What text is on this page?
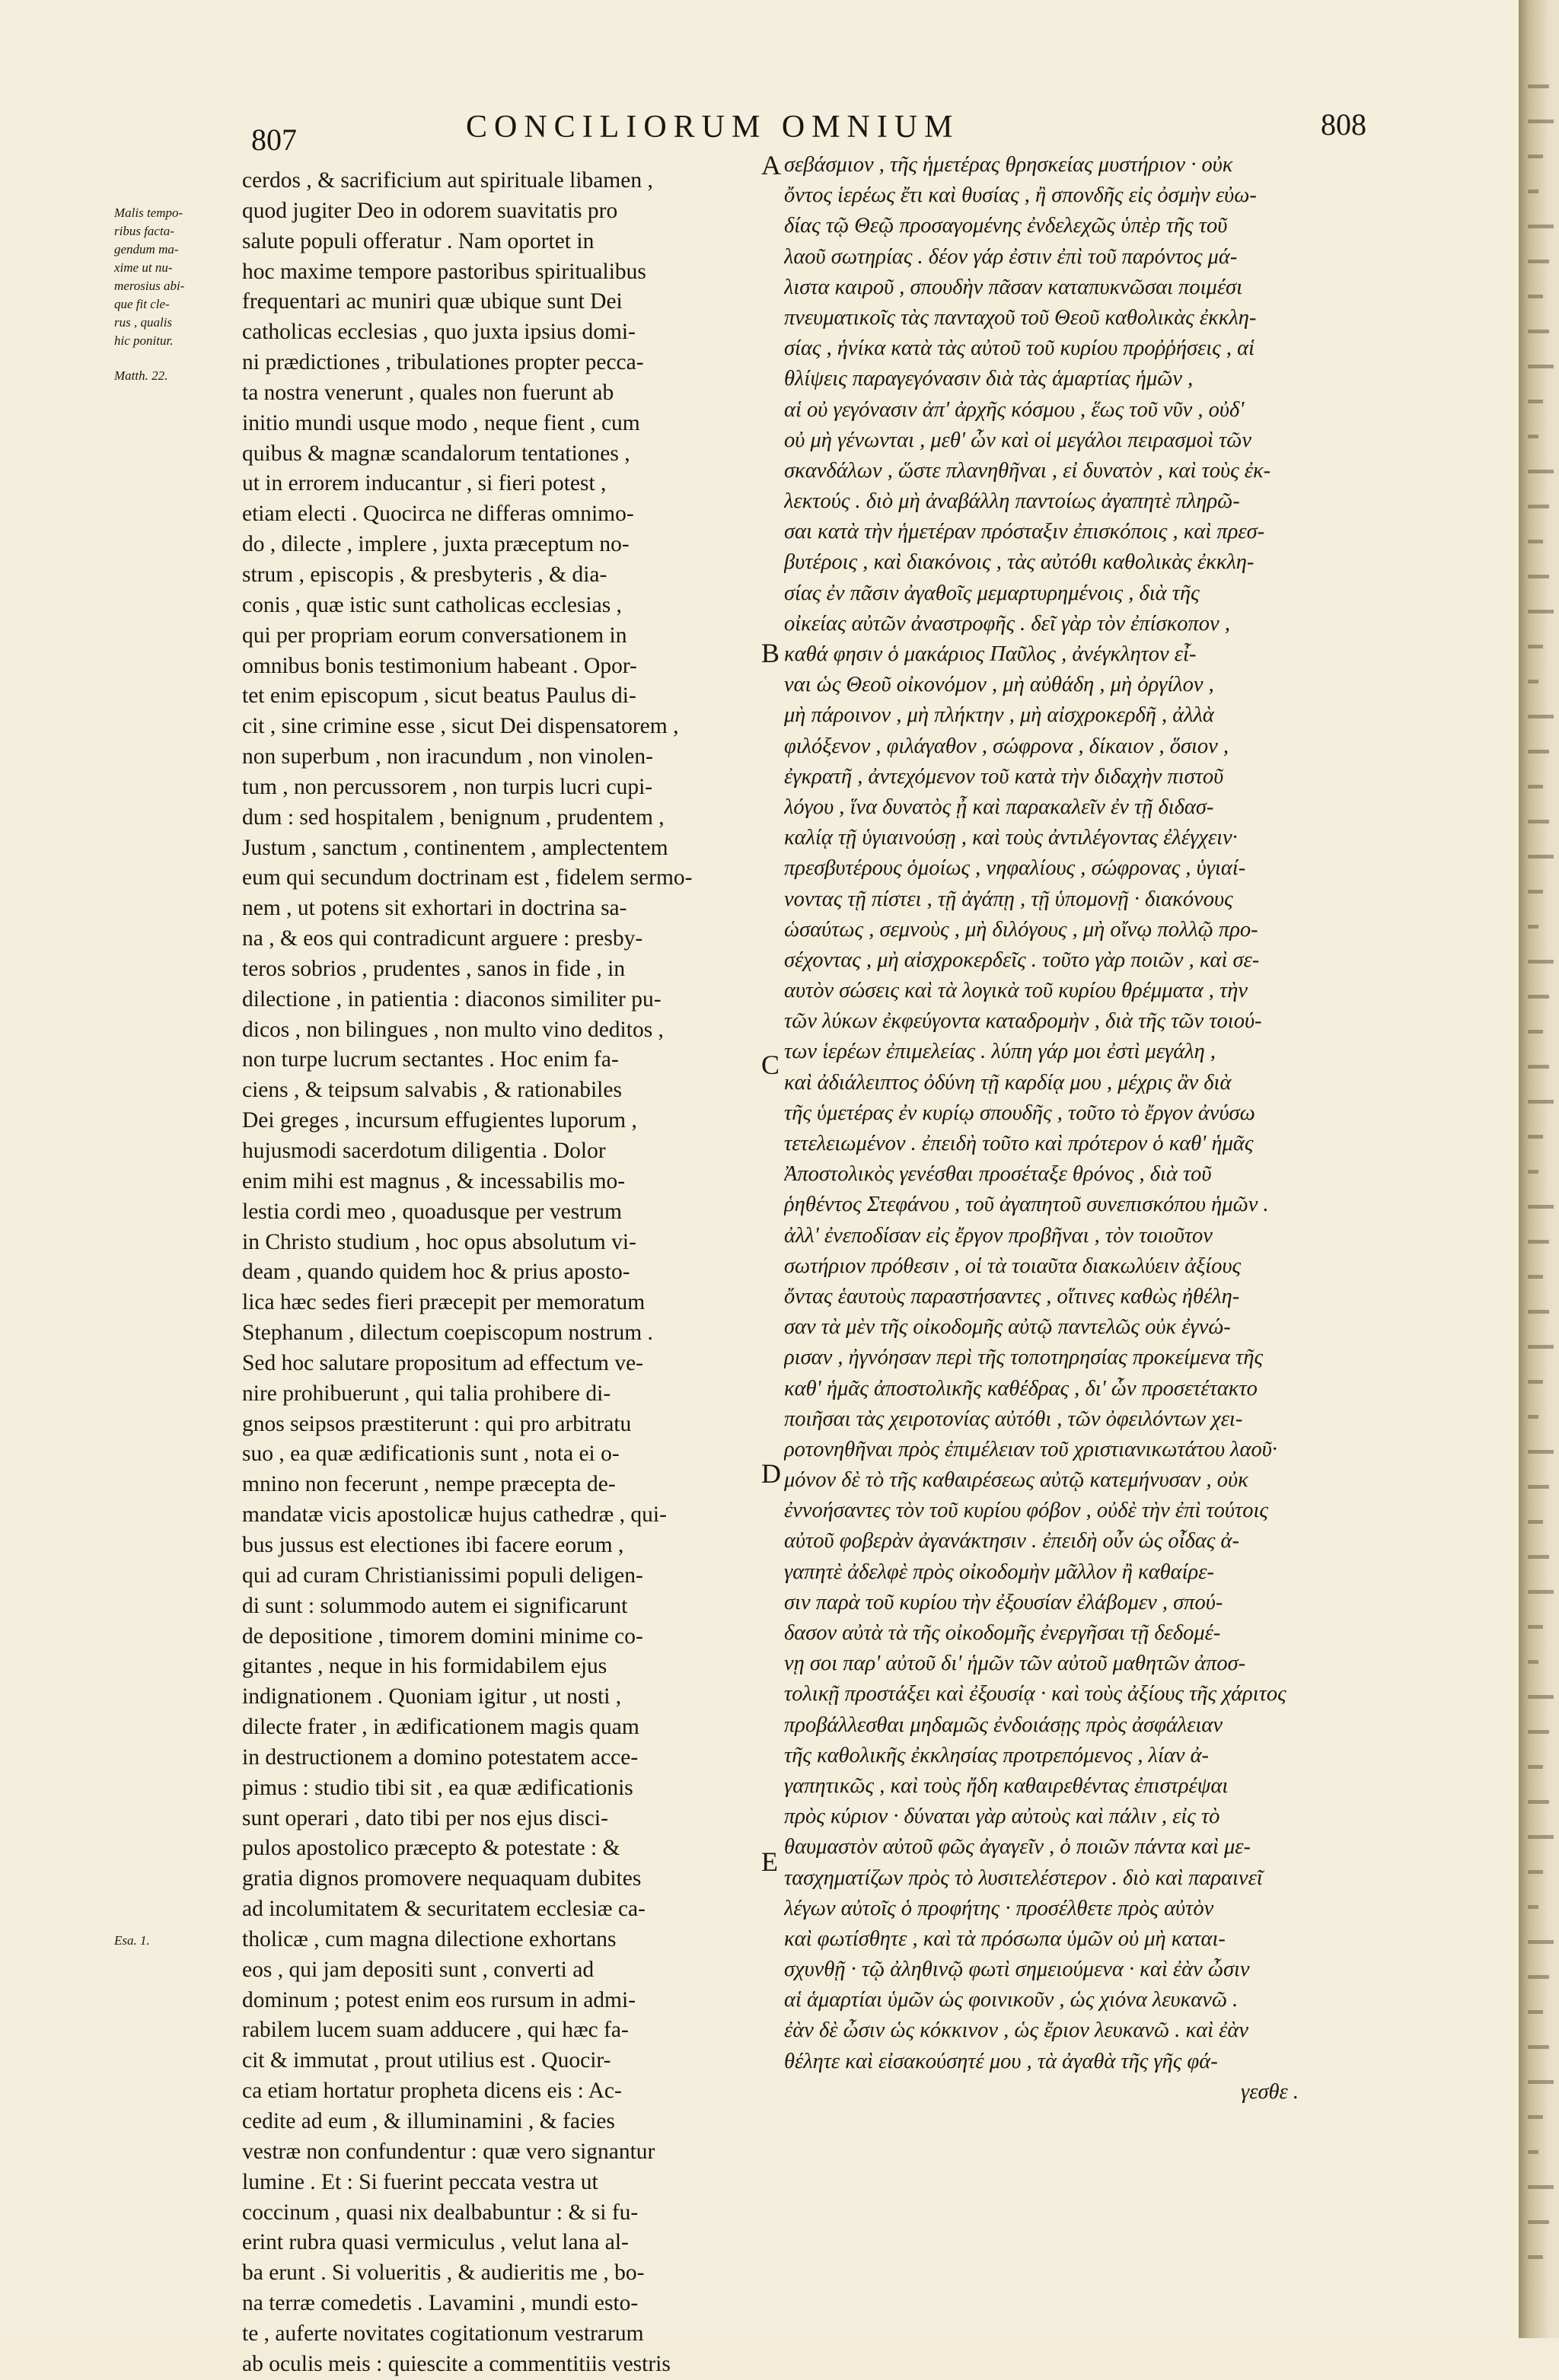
807	CONCILIORUM OMNIUM	808
Malis tempo-
ribus facta-
gendum ma-
xime ut nu-
merosius abi-
que fit cle-
rus , qualis
hic ponitur.
Matth. 22.
Esa. 1.
cerdos , & sacrificium aut spirituale libamen ,
quod jugiter Deo in odorem suavitatis pro
salute populi offeratur . Nam oportet in
hoc maxime tempore pastoribus spiritualibus
frequentari ac muniri quæ ubique sunt Dei
catholicas ecclesias , quo juxta ipsius domi-
ni prædictiones , tribulationes propter pecca-
ta nostra venerunt , quales non fuerunt ab
initio mundi usque modo , neque fient , cum
quibus & magnæ scandalorum tentationes ,
ut in errorem inducantur , si fieri potest ,
etiam electi . Quocirca ne differas omnimo-
do , dilecte , implere , juxta præceptum no-
strum , episcopis , & presbyteris , & dia-
conis , quæ istic sunt catholicas ecclesias ,
qui per propriam eorum conversationem in
omnibus bonis testimonium habeant . Opor-
tet enim episcopum , sicut beatus Paulus di-
cit , sine crimine esse , sicut Dei dispensatorem ,
non superbum , non iracundum , non vinolen-
tum , non percussorem , non turpis lucri cupi-
dum : sed hospitalem , benignum , prudentem ,
Justum , sanctum , continentem , amplectentem
eum qui secundum doctrinam est , fidelem sermo-
nem , ut potens sit exhortari in doctrina sa-
na , & eos qui contradicunt arguere : presby-
teros sobrios , prudentes , sanos in fide , in
dilectione , in patientia : diaconos similiter pu-
dicos , non bilingues , non multo vino deditos ,
non turpe lucrum sectantes . Hoc enim fa-
ciens , & teipsum salvabis , & rationabiles
Dei greges , incursum effugientes luporum ,
hujusmodi sacerdotum diligentia . Dolor
enim mihi est magnus , & incessabilis mo-
lestia cordi meo , quoadusque per vestrum
in Christo studium , hoc opus absolutum vi-
deam , quando quidem hoc & prius aposto-
lica hæc sedes fieri præcepit per memoratum
Stephanum , dilectum coepiscopum nostrum .
Sed hoc salutare propositum ad effectum ve-
nire prohibuerunt , qui talia prohibere di-
gnos seipsos præstiterunt : qui pro arbitratu
suo , ea quæ ædificationis sunt , nota ei o-
mnino non fecerunt , nempe præcepta de-
mandatæ vicis apostolicæ hujus cathedræ , qui-
bus jussus est electiones ibi facere eorum ,
qui ad curam Christianissimi populi deligen-
di sunt : solummodo autem ei significarunt
de depositione , timorem domini minime co-
gitantes , neque in his formidabilem ejus
indignationem . Quoniam igitur , ut nosti ,
dilecte frater , in ædificationem magis quam
in destructionem a domino potestatem acce-
pimus : studio tibi sit , ea quæ ædificationis
sunt operari , dato tibi per nos ejus disci-
pulos apostolico præcepto & potestate : &
gratia dignos promovere nequaquam dubites
ad incolumitatem & securitatem ecclesiæ ca-
tholicæ , cum magna dilectione exhortans
eos , qui jam depositi sunt , converti ad
dominum ; potest enim eos rursum in admi-
rabilem lucem suam adducere , qui hæc fa-
cit & immutat , prout utilius est . Quocir-
ca etiam hortatur propheta dicens eis : Ac-
cedite ad eum , & illuminamini , & facies
vestræ non confundentur : quæ vero signantur
lumine . Et : Si fuerint peccata vestra ut
coccinum , quasi nix dealbabuntur : & si fu-
erint rubra quasi vermiculus , velut lana al-
ba erunt . Si volueritis , & audieritis me , bo-
na terræ comedetis . Lavamini , mundi esto-
te , auferte novitates cogitationum vestrarum
ab oculis meis : quiescite a commentitiis vestris
A
B
C
D
E
σεβάσμιον , τῆς ἡμετέρας θρησκείας μυστήριον · οὐκ
ὄντος ἱερέως ἔτι καὶ θυσίας , ἢ σπονδῆς εἰς ὀσμὴν εὐω-
δίας τῷ Θεῷ προσαγομένης ἐνδελεχῶς ὑπὲρ τῆς τοῦ
λαοῦ σωτηρίας . δέον γάρ ἐστιν ἐπὶ τοῦ παρόντος μά-
λιστα καιροῦ , σπουδὴν πᾶσαν καταπυκνῶσαι ποιμέσι
πνευματικοῖς τὰς πανταχοῦ τοῦ Θεοῦ καθολικὰς ἐκκλη-
σίας , ἡνίκα κατὰ τὰς αὐτοῦ τοῦ κυρίου προῤῥήσεις , αἱ
θλίψεις παραγεγόνασιν διὰ τὰς ἁμαρτίας ἡμῶν ,
αἱ οὐ γεγόνασιν ἀπ' ἀρχῆς κόσμου , ἕως τοῦ νῦν , οὐδ'
οὐ μὴ γένωνται , μεθ' ὧν καὶ οἱ μεγάλοι πειρασμοὶ τῶν
σκανδάλων , ὥστε πλανηθῆναι , εἰ δυνατὸν , καὶ τοὺς ἐκ-
λεκτούς . διὸ μὴ ἀναβάλλη παντοίως ἀγαπητὲ πληρῶ-
σαι κατὰ τὴν ἡμετέραν πρόσταξιν ἐπισκόποις , καὶ πρεσ-
βυτέροις , καὶ διακόνοις , τὰς αὐτόθι καθολικὰς ἐκκλη-
σίας ἐν πᾶσιν ἀγαθοῖς μεμαρτυρημένοις , διὰ τῆς
οἰκείας αὐτῶν ἀναστροφῆς . δεῖ γὰρ τὸν ἐπίσκοπον ,
καθά φησιν ὁ μακάριος Παῦλος , ἀνέγκλητον εἶ-
ναι ὡς Θεοῦ οἰκονόμον , μὴ αὐθάδη , μὴ ὀργίλον ,
μὴ πάροινον , μὴ πλήκτην , μὴ αἰσχροκερδῆ , ἀλλὰ
φιλόξενον , φιλάγαθον , σώφρονα , δίκαιον , ὅσιον ,
ἐγκρατῆ , ἀντεχόμενον τοῦ κατὰ τὴν διδαχὴν πιστοῦ
λόγου , ἵνα δυνατὸς ᾖ καὶ παρακαλεῖν ἐν τῇ διδασ-
καλίᾳ τῇ ὑγιαινούσῃ , καὶ τοὺς ἀντιλέγοντας ἐλέγχειν·
πρεσβυτέρους ὁμοίως , νηφαλίους , σώφρονας , ὑγιαί-
νοντας τῇ πίστει , τῇ ἀγάπῃ , τῇ ὑπομονῇ · διακόνους
ὡσαύτως , σεμνοὺς , μὴ διλόγους , μὴ οἴνῳ πολλῷ προ-
σέχοντας , μὴ αἰσχροκερδεῖς . τοῦτο γὰρ ποιῶν , καὶ σε-
αυτὸν σώσεις καὶ τὰ λογικὰ τοῦ κυρίου θρέμματα , τὴν
τῶν λύκων ἐκφεύγοντα καταδρομὴν , διὰ τῆς τῶν τοιού-
των ἱερέων ἐπιμελείας . λύπη γάρ μοι ἐστὶ μεγάλη ,
καὶ ἀδιάλειπτος ὀδύνη τῇ καρδίᾳ μου , μέχρις ἂν διὰ
τῆς ὑμετέρας ἐν κυρίῳ σπουδῆς , τοῦτο τὸ ἔργον ἀνύσω
τετελειωμένον . ἐπειδὴ τοῦτο καὶ πρότερον ὁ καθ' ἡμᾶς
Ἀποστολικὸς γενέσθαι προσέταξε θρόνος , διὰ τοῦ
ῥηθέντος Στεφάνου , τοῦ ἀγαπητοῦ συνεπισκόπου ἡμῶν .
ἀλλ' ἐνεποδίσαν εἰς ἔργον προβῆναι , τὸν τοιοῦτον
σωτήριον πρόθεσιν , οἱ τὰ τοιαῦτα διακωλύειν ἀξίους
ὄντας ἑαυτοὺς παραστήσαντες , οἵτινες καθὼς ἠθέλη-
σαν τὰ μὲν τῆς οἰκοδομῆς αὐτῷ παντελῶς οὐκ ἐγνώ-
ρισαν , ἠγνόησαν περὶ τῆς τοποτηρησίας προκείμενα τῆς
καθ' ἡμᾶς ἀποστολικῆς καθέδρας , δι' ὧν προσετέτακτο
ποιῆσαι τὰς χειροτονίας αὐτόθι , τῶν ὀφειλόντων χει-
ροτονηθῆναι πρὸς ἐπιμέλειαν τοῦ χριστιανικωτάτου λαοῦ·
μόνον δὲ τὸ τῆς καθαιρέσεως αὐτῷ κατεμήνυσαν , οὐκ
ἐννοήσαντες τὸν τοῦ κυρίου φόβον , οὐδὲ τὴν ἐπὶ τούτοις
αὐτοῦ φοβερὰν ἀγανάκτησιν . ἐπειδὴ οὖν ὡς οἶδας ἀ-
γαπητὲ ἀδελφὲ πρὸς οἰκοδομὴν μᾶλλον ἢ καθαίρε-
σιν παρὰ τοῦ κυρίου τὴν ἐξουσίαν ἐλάβομεν , σπού-
δασον αὐτὰ τὰ τῆς οἰκοδομῆς ἐνεργῆσαι τῇ δεδομέ-
νῃ σοι παρ' αὐτοῦ δι' ἡμῶν τῶν αὐτοῦ μαθητῶν ἀποσ-
τολικῇ προστάξει καὶ ἐξουσίᾳ · καὶ τοὺς ἀξίους τῆς χάριτος
προβάλλεσθαι μηδαμῶς ἐνδοιάσῃς πρὸς ἀσφάλειαν
τῆς καθολικῆς ἐκκλησίας προτρεπόμενος , λίαν ἀ-
γαπητικῶς , καὶ τοὺς ἤδη καθαιρεθέντας ἐπιστρέψαι
πρὸς κύριον · δύναται γὰρ αὐτοὺς καὶ πάλιν , εἰς τὸ
θαυμαστὸν αὐτοῦ φῶς ἀγαγεῖν , ὁ ποιῶν πάντα καὶ με-
τασχηματίζων πρὸς τὸ λυσιτελέστερον . διὸ καὶ παραινεῖ
λέγων αὐτοῖς ὁ προφήτης · προσέλθετε πρὸς αὐτὸν
καὶ φωτίσθητε , καὶ τὰ πρόσωπα ὑμῶν οὐ μὴ καται-
σχυνθῇ · τῷ ἀληθινῷ φωτὶ σημειούμενα · καὶ ἐὰν ὦσιν
αἱ ἁμαρτίαι ὑμῶν ὡς φοινικοῦν , ὡς χιόνα λευκανῶ .
ἐὰν δὲ ὦσιν ὡς κόκκινον , ὡς ἔριον λευκανῶ . καὶ ἐὰν
θέλητε καὶ εἰσακούσητέ μου , τὰ ἀγαθὰ τῆς γῆς φά-
γεσθε .
